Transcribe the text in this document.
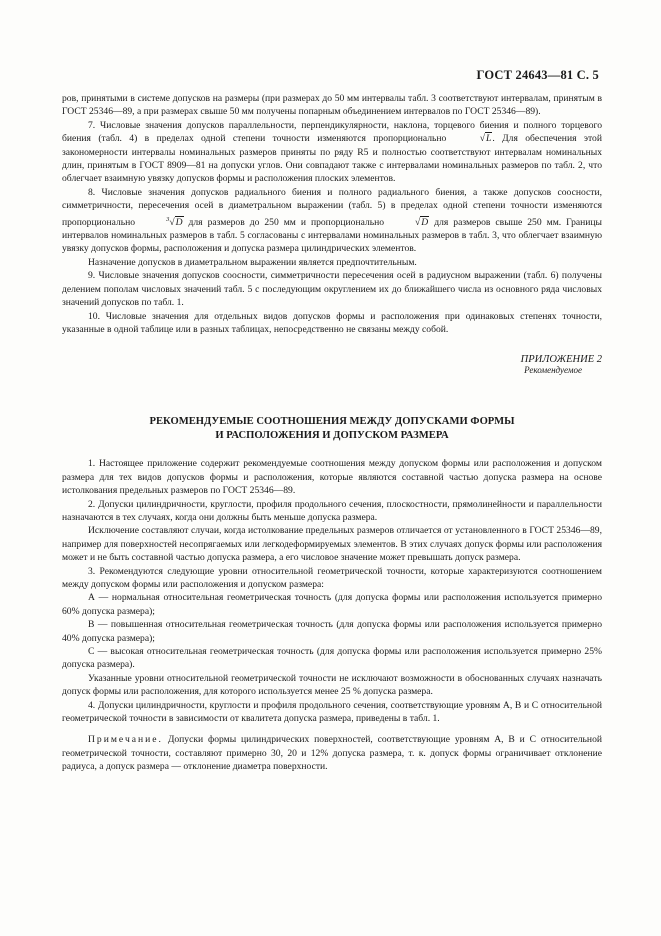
ГОСТ 24643—81 С. 5

ров, принятыми в системе допусков на размеры (при размерах до 50 мм интервалы табл. 3 соответствуют интервалам, принятым в ГОСТ 25346—89, а при размерах свыше 50 мм получены попарным объединением интервалов по ГОСТ 25346—89).

7. Числовые значения допусков параллельности, перпендикулярности, наклона, торцевого биения и полного торцевого биения (табл. 4) в пределах одной степени точности изменяются пропорционально	√L. Для обеспечения этой закономерности интервалы номинальных размеров приняты по ряду R5 и полностью соответствуют интервалам номинальных длин, принятым в ГОСТ 8909—81 на допуски углов. Они совпадают также с интервалами номинальных размеров по табл. 2, что облегчает взаимную увязку допусков формы и расположения плоских элементов.

8. Числовые значения допусков радиального биения и полного радиального биения, а также допусков соосности, симметричности, пересечения осей в диаметральном выражении (табл. 5) в пределах одной степени точности изменяются пропорционально	$^3$√D для размеров до 250 мм и пропорционально	√D для размеров свыше 250 мм. Границы интервалов номинальных размеров в табл. 5 согласованы с интервалами номинальных размеров в табл. 3, что облегчает взаимную увязку допусков формы, расположения и допуска размера цилиндрических элементов.

Назначение допусков в диаметральном выражении является предпочтительным.

9. Числовые значения допусков соосности, симметричности пересечения осей в радиусном выражении (табл. 6) получены делением пополам числовых значений табл. 5 с последующим округлением их до ближайшего числа из основного ряда числовых значений допусков по табл. 1.

10. Числовые значения для отдельных видов допусков формы и расположения при одинаковых степенях точности, указанные в одной таблице или в разных таблицах, непосредственно не связаны между собой.

ПРИЛОЖЕНИЕ 2
Рекомендуемое
РЕКОМЕНДУЕМЫЕ СООТНОШЕНИЯ МЕЖДУ ДОПУСКАМИ ФОРМЫ
И РАСПОЛОЖЕНИЯ И ДОПУСКОМ РАЗМЕРА

1. Настоящее приложение содержит рекомендуемые соотношения между допуском формы или расположения и допуском размера для тех видов допусков формы и расположения, которые являются составной частью допуска размера на основе истолкования предельных размеров по ГОСТ 25346—89.

2. Допуски цилиндричности, круглости, профиля продольного сечения, плоскостности, прямолинейности и параллельности назначаются в тех случаях, когда они должны быть меньше допуска размера.

Исключение составляют случаи, когда истолкование предельных размеров отличается от установленного в ГОСТ 25346—89, например для поверхностей несопрягаемых или легкодеформируемых элементов. В этих случаях допуск формы или расположения может и не быть составной частью допуска размера, а его числовое значение может превышать допуск размера.

3. Рекомендуются следующие уровни относительной геометрической точности, которые характеризуются соотношением между допуском формы или расположения и допуском размера:

А — нормальная относительная геометрическая точность (для допуска формы или расположения используется примерно 60% допуска размера);

В — повышенная относительная геометрическая точность (для допуска формы или расположения используется примерно 40% допуска размера);

С — высокая относительная геометрическая точность (для допуска формы или расположения используется примерно 25% допуска размера).

Указанные уровни относительной геометрической точности не исключают возможности в обоснованных случаях назначать допуск формы или расположения, для которого используется менее 25 % допуска размера.

4. Допуски цилиндричности, круглости и профиля продольного сечения, соответствующие уровням А, В и С относительной геометрической точности в зависимости от квалитета допуска размера, приведены в табл. 1.

Примечание. Допуски формы цилиндрических поверхностей, соответствующие уровням А, В и С относительной геометрической точности, составляют примерно 30, 20 и 12% допуска размера, т. к. допуск формы ограничивает отклонение радиуса, а допуск размера — отклонение диаметра поверхности.
